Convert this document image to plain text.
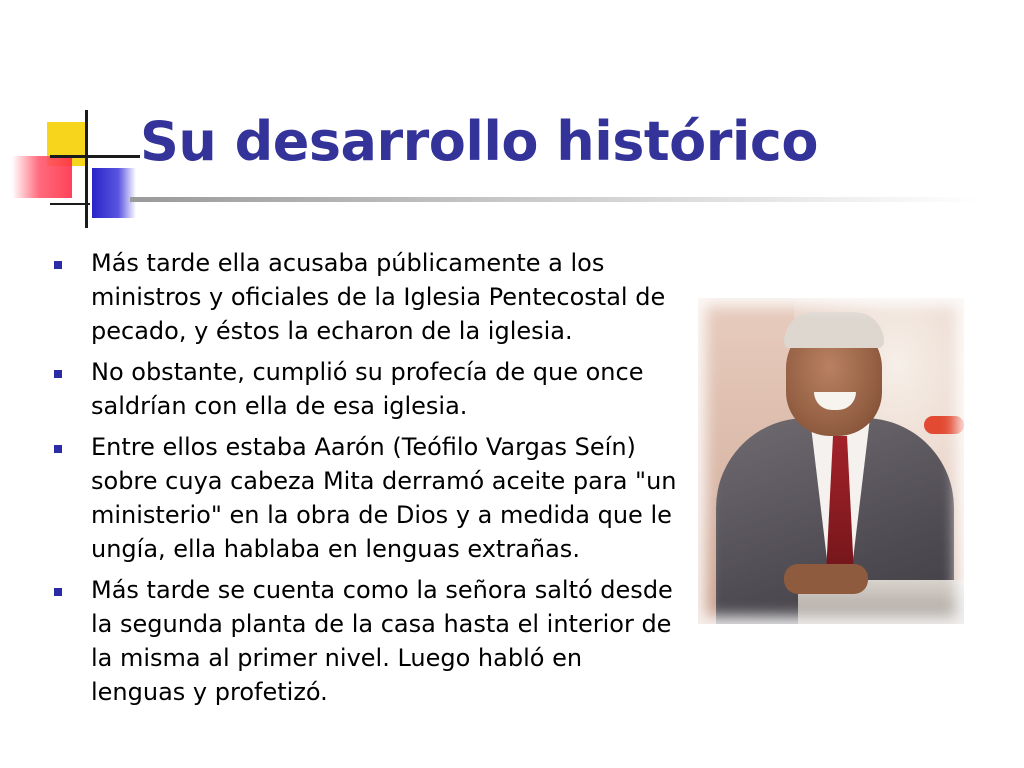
Su desarrollo histórico
Más tarde ella acusaba públicamente a los ministros y oficiales de la Iglesia Pentecostal de pecado, y éstos la echaron de la iglesia.
No obstante, cumplió su profecía de que once saldrían con ella de esa iglesia.
Entre ellos estaba Aarón (Teófilo Vargas Seín) sobre cuya cabeza Mita derramó aceite para "un ministerio" en la obra de Dios y a medida que le ungía, ella hablaba en lenguas extrañas.
Más tarde se cuenta como la señora saltó desde la segunda planta de la casa hasta el interior de la misma al primer nivel. Luego habló en lenguas y profetizó.
